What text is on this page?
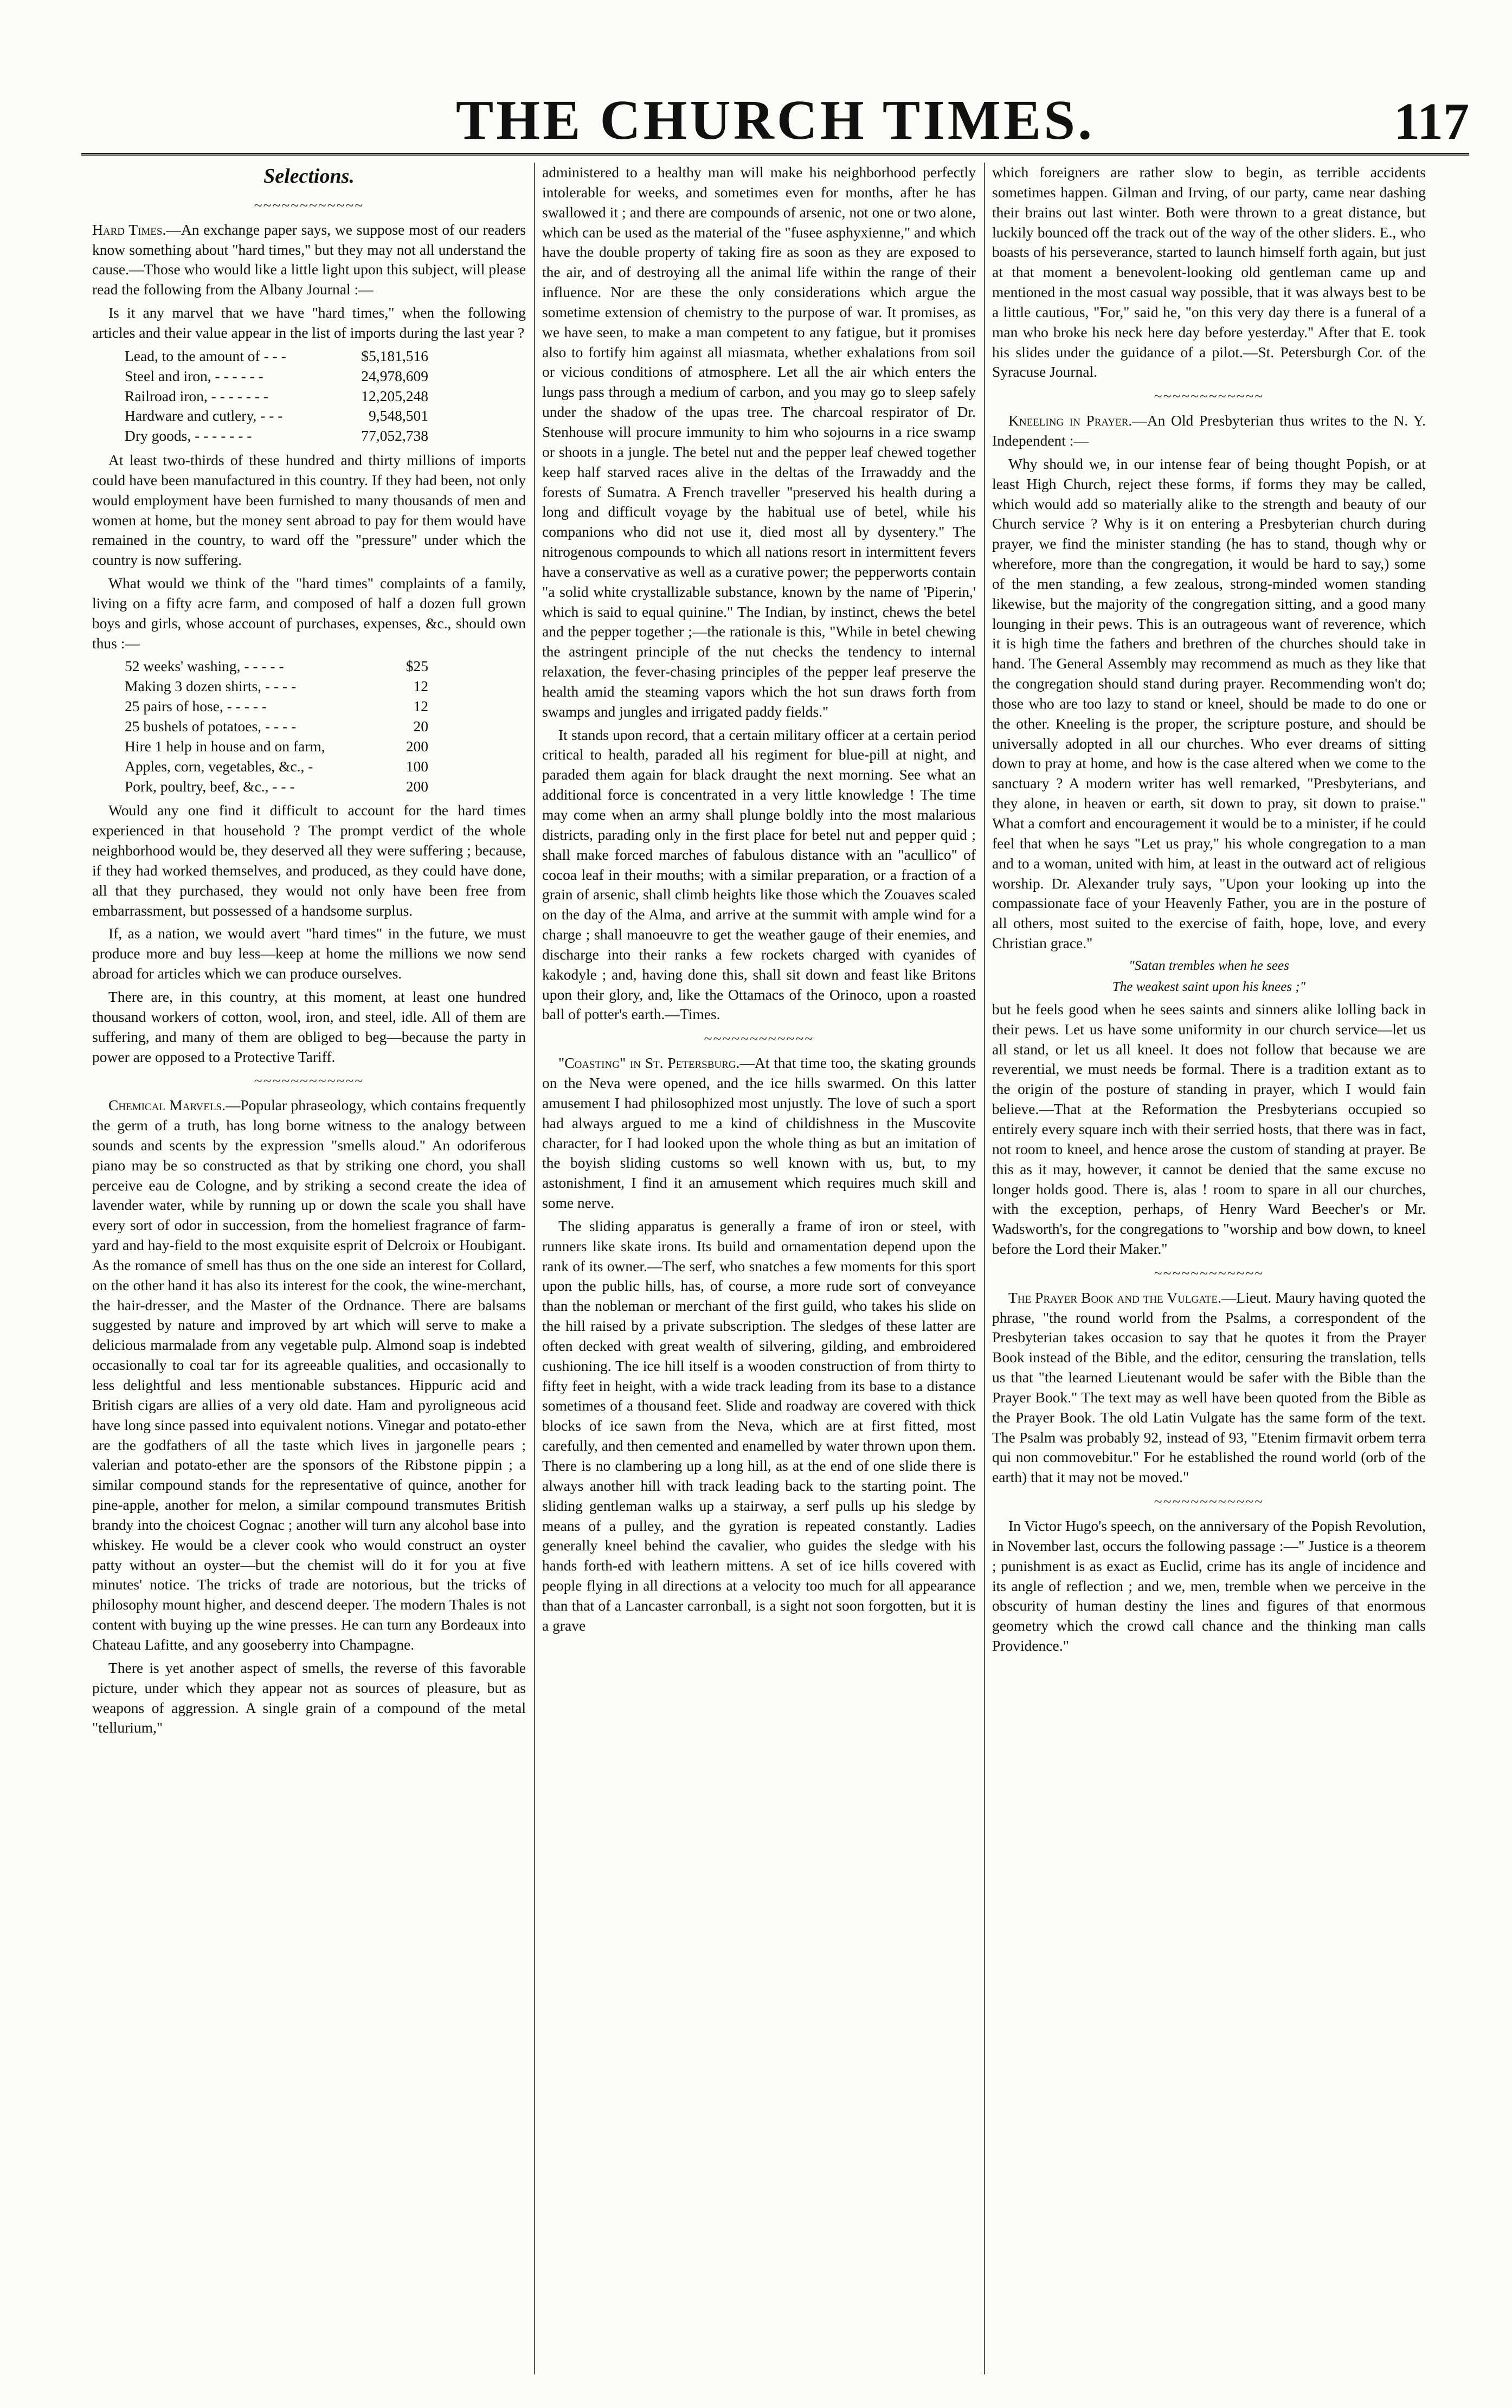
THE CHURCH TIMES.	117
Selections.
~~~~~~~~~~~~

Hard Times.—An exchange paper says, we suppose most of our readers know something about "hard times," but they may not all understand the cause.—Those who would like a little light upon this subject, will please read the following from the Albany Journal :—

Is it any marvel that we have "hard times," when the following articles and their value appear in the list of imports during the last year ?

Lead, to the amount of - - -	$5,181,516
Steel and iron, - - - - - -	24,978,609
Railroad iron, - - - - - - -	12,205,248
Hardware and cutlery, - - -	9,548,501
Dry goods, - - - - - - -	77,052,738

At least two-thirds of these hundred and thirty millions of imports could have been manufactured in this country. If they had been, not only would employment have been furnished to many thousands of men and women at home, but the money sent abroad to pay for them would have remained in the country, to ward off the "pressure" under which the country is now suffering.

What would we think of the "hard times" complaints of a family, living on a fifty acre farm, and composed of half a dozen full grown boys and girls, whose account of purchases, expenses, &c., should own thus :—

52 weeks' washing, - - - - -	$25
Making 3 dozen shirts, - - - -	12
25 pairs of hose, - - - - -	12
25 bushels of potatoes, - - - -	20
Hire 1 help in house and on farm,	200
Apples, corn, vegetables, &c., -	100
Pork, poultry, beef, &c., - - -	200

Would any one find it difficult to account for the hard times experienced in that household ? The prompt verdict of the whole neighborhood would be, they deserved all they were suffering ; because, if they had worked themselves, and produced, as they could have done, all that they purchased, they would not only have been free from embarrassment, but possessed of a handsome surplus.

If, as a nation, we would avert "hard times" in the future, we must produce more and buy less—keep at home the millions we now send abroad for articles which we can produce ourselves.

There are, in this country, at this moment, at least one hundred thousand workers of cotton, wool, iron, and steel, idle. All of them are suffering, and many of them are obliged to beg—because the party in power are opposed to a Protective Tariff.

~~~~~~~~~~~~

Chemical Marvels.—Popular phraseology, which contains frequently the germ of a truth, has long borne witness to the analogy between sounds and scents by the expression "smells aloud." An odoriferous piano may be so constructed as that by striking one chord, you shall perceive eau de Cologne, and by striking a second create the idea of lavender water, while by running up or down the scale you shall have every sort of odor in succession, from the homeliest fragrance of farm-yard and hay-field to the most exquisite esprit of Delcroix or Houbigant. As the romance of smell has thus on the one side an interest for Collard, on the other hand it has also its interest for the cook, the wine-merchant, the hair-dresser, and the Master of the Ordnance. There are balsams suggested by nature and improved by art which will serve to make a delicious marmalade from any vegetable pulp. Almond soap is indebted occasionally to coal tar for its agreeable qualities, and occasionally to less delightful and less mentionable substances. Hippuric acid and British cigars are allies of a very old date. Ham and pyroligneous acid have long since passed into equivalent notions. Vinegar and potato-ether are the godfathers of all the taste which lives in jargonelle pears ; valerian and potato-ether are the sponsors of the Ribstone pippin ; a similar compound stands for the representative of quince, another for pine-apple, another for melon, a similar compound transmutes British brandy into the choicest Cognac ; another will turn any alcohol base into whiskey. He would be a clever cook who would construct an oyster patty without an oyster—but the chemist will do it for you at five minutes' notice. The tricks of trade are notorious, but the tricks of philosophy mount higher, and descend deeper. The modern Thales is not content with buying up the wine presses. He can turn any Bordeaux into Chateau Lafitte, and any gooseberry into Champagne.

There is yet another aspect of smells, the reverse of this favorable picture, under which they appear not as sources of pleasure, but as weapons of aggression. A single grain of a compound of the metal "tellurium,"

administered to a healthy man will make his neighborhood perfectly intolerable for weeks, and sometimes even for months, after he has swallowed it ; and there are compounds of arsenic, not one or two alone, which can be used as the material of the "fusee asphyxienne," and which have the double property of taking fire as soon as they are exposed to the air, and of destroying all the animal life within the range of their influence. Nor are these the only considerations which argue the sometime extension of chemistry to the purpose of war. It promises, as we have seen, to make a man competent to any fatigue, but it promises also to fortify him against all miasmata, whether exhalations from soil or vicious conditions of atmosphere. Let all the air which enters the lungs pass through a medium of carbon, and you may go to sleep safely under the shadow of the upas tree. The charcoal respirator of Dr. Stenhouse will procure immunity to him who sojourns in a rice swamp or shoots in a jungle. The betel nut and the pepper leaf chewed together keep half starved races alive in the deltas of the Irrawaddy and the forests of Sumatra. A French traveller "preserved his health during a long and difficult voyage by the habitual use of betel, while his companions who did not use it, died most all by dysentery." The nitrogenous compounds to which all nations resort in intermittent fevers have a conservative as well as a curative power; the pepperworts contain "a solid white crystallizable substance, known by the name of 'Piperin,' which is said to equal quinine." The Indian, by instinct, chews the betel and the pepper together ;—the rationale is this, "While in betel chewing the astringent principle of the nut checks the tendency to internal relaxation, the fever-chasing principles of the pepper leaf preserve the health amid the steaming vapors which the hot sun draws forth from swamps and jungles and irrigated paddy fields."

It stands upon record, that a certain military officer at a certain period critical to health, paraded all his regiment for blue-pill at night, and paraded them again for black draught the next morning. See what an additional force is concentrated in a very little knowledge ! The time may come when an army shall plunge boldly into the most malarious districts, parading only in the first place for betel nut and pepper quid ; shall make forced marches of fabulous distance with an "acullico" of cocoa leaf in their mouths; with a similar preparation, or a fraction of a grain of arsenic, shall climb heights like those which the Zouaves scaled on the day of the Alma, and arrive at the summit with ample wind for a charge ; shall manoeuvre to get the weather gauge of their enemies, and discharge into their ranks a few rockets charged with cyanides of kakodyle ; and, having done this, shall sit down and feast like Britons upon their glory, and, like the Ottamacs of the Orinoco, upon a roasted ball of potter's earth.—Times.

~~~~~~~~~~~~

"Coasting" in St. Petersburg.—At that time too, the skating grounds on the Neva were opened, and the ice hills swarmed. On this latter amusement I had philosophized most unjustly. The love of such a sport had always argued to me a kind of childishness in the Muscovite character, for I had looked upon the whole thing as but an imitation of the boyish sliding customs so well known with us, but, to my astonishment, I find it an amusement which requires much skill and some nerve.

The sliding apparatus is generally a frame of iron or steel, with runners like skate irons. Its build and ornamentation depend upon the rank of its owner.—The serf, who snatches a few moments for this sport upon the public hills, has, of course, a more rude sort of conveyance than the nobleman or merchant of the first guild, who takes his slide on the hill raised by a private subscription. The sledges of these latter are often decked with great wealth of silvering, gilding, and embroidered cushioning. The ice hill itself is a wooden construction of from thirty to fifty feet in height, with a wide track leading from its base to a distance sometimes of a thousand feet. Slide and roadway are covered with thick blocks of ice sawn from the Neva, which are at first fitted, most carefully, and then cemented and enamelled by water thrown upon them. There is no clambering up a long hill, as at the end of one slide there is always another hill with track leading back to the starting point. The sliding gentleman walks up a stairway, a serf pulls up his sledge by means of a pulley, and the gyration is repeated constantly. Ladies generally kneel behind the cavalier, who guides the sledge with his hands forth-ed with leathern mittens. A set of ice hills covered with people flying in all directions at a velocity too much for all appearance than that of a Lancaster carronball, is a sight not soon forgotten, but it is a grave

which foreigners are rather slow to begin, as terrible accidents sometimes happen. Gilman and Irving, of our party, came near dashing their brains out last winter. Both were thrown to a great distance, but luckily bounced off the track out of the way of the other sliders. E., who boasts of his perseverance, started to launch himself forth again, but just at that moment a benevolent-looking old gentleman came up and mentioned in the most casual way possible, that it was always best to be a little cautious, "For," said he, "on this very day there is a funeral of a man who broke his neck here day before yesterday." After that E. took his slides under the guidance of a pilot.—St. Petersburgh Cor. of the Syracuse Journal.

~~~~~~~~~~~~

Kneeling in Prayer.—An Old Presbyterian thus writes to the N. Y. Independent :—

Why should we, in our intense fear of being thought Popish, or at least High Church, reject these forms, if forms they may be called, which would add so materially alike to the strength and beauty of our Church service ? Why is it on entering a Presbyterian church during prayer, we find the minister standing (he has to stand, though why or wherefore, more than the congregation, it would be hard to say,) some of the men standing, a few zealous, strong-minded women standing likewise, but the majority of the congregation sitting, and a good many lounging in their pews. This is an outrageous want of reverence, which it is high time the fathers and brethren of the churches should take in hand. The General Assembly may recommend as much as they like that the congregation should stand during prayer. Recommending won't do; those who are too lazy to stand or kneel, should be made to do one or the other. Kneeling is the proper, the scripture posture, and should be universally adopted in all our churches. Who ever dreams of sitting down to pray at home, and how is the case altered when we come to the sanctuary ? A modern writer has well remarked, "Presbyterians, and they alone, in heaven or earth, sit down to pray, sit down to praise." What a comfort and encouragement it would be to a minister, if he could feel that when he says "Let us pray," his whole congregation to a man and to a woman, united with him, at least in the outward act of religious worship. Dr. Alexander truly says, "Upon your looking up into the compassionate face of your Heavenly Father, you are in the posture of all others, most suited to the exercise of faith, hope, love, and every Christian grace."

"Satan trembles when he sees
The weakest saint upon his knees ;"

but he feels good when he sees saints and sinners alike lolling back in their pews. Let us have some uniformity in our church service—let us all stand, or let us all kneel. It does not follow that because we are reverential, we must needs be formal. There is a tradition extant as to the origin of the posture of standing in prayer, which I would fain believe.—That at the Reformation the Presbyterians occupied so entirely every square inch with their serried hosts, that there was in fact, not room to kneel, and hence arose the custom of standing at prayer. Be this as it may, however, it cannot be denied that the same excuse no longer holds good. There is, alas ! room to spare in all our churches, with the exception, perhaps, of Henry Ward Beecher's or Mr. Wadsworth's, for the congregations to "worship and bow down, to kneel before the Lord their Maker."

~~~~~~~~~~~~

The Prayer Book and the Vulgate.—Lieut. Maury having quoted the phrase, "the round world from the Psalms, a correspondent of the Presbyterian takes occasion to say that he quotes it from the Prayer Book instead of the Bible, and the editor, censuring the translation, tells us that "the learned Lieutenant would be safer with the Bible than the Prayer Book." The text may as well have been quoted from the Bible as the Prayer Book. The old Latin Vulgate has the same form of the text. The Psalm was probably 92, instead of 93, "Etenim firmavit orbem terra qui non commovebitur." For he established the round world (orb of the earth) that it may not be moved."

~~~~~~~~~~~~

In Victor Hugo's speech, on the anniversary of the Popish Revolution, in November last, occurs the following passage :—" Justice is a theorem ; punishment is as exact as Euclid, crime has its angle of incidence and its angle of reflection ; and we, men, tremble when we perceive in the obscurity of human destiny the lines and figures of that enormous geometry which the crowd call chance and the thinking man calls Providence."
